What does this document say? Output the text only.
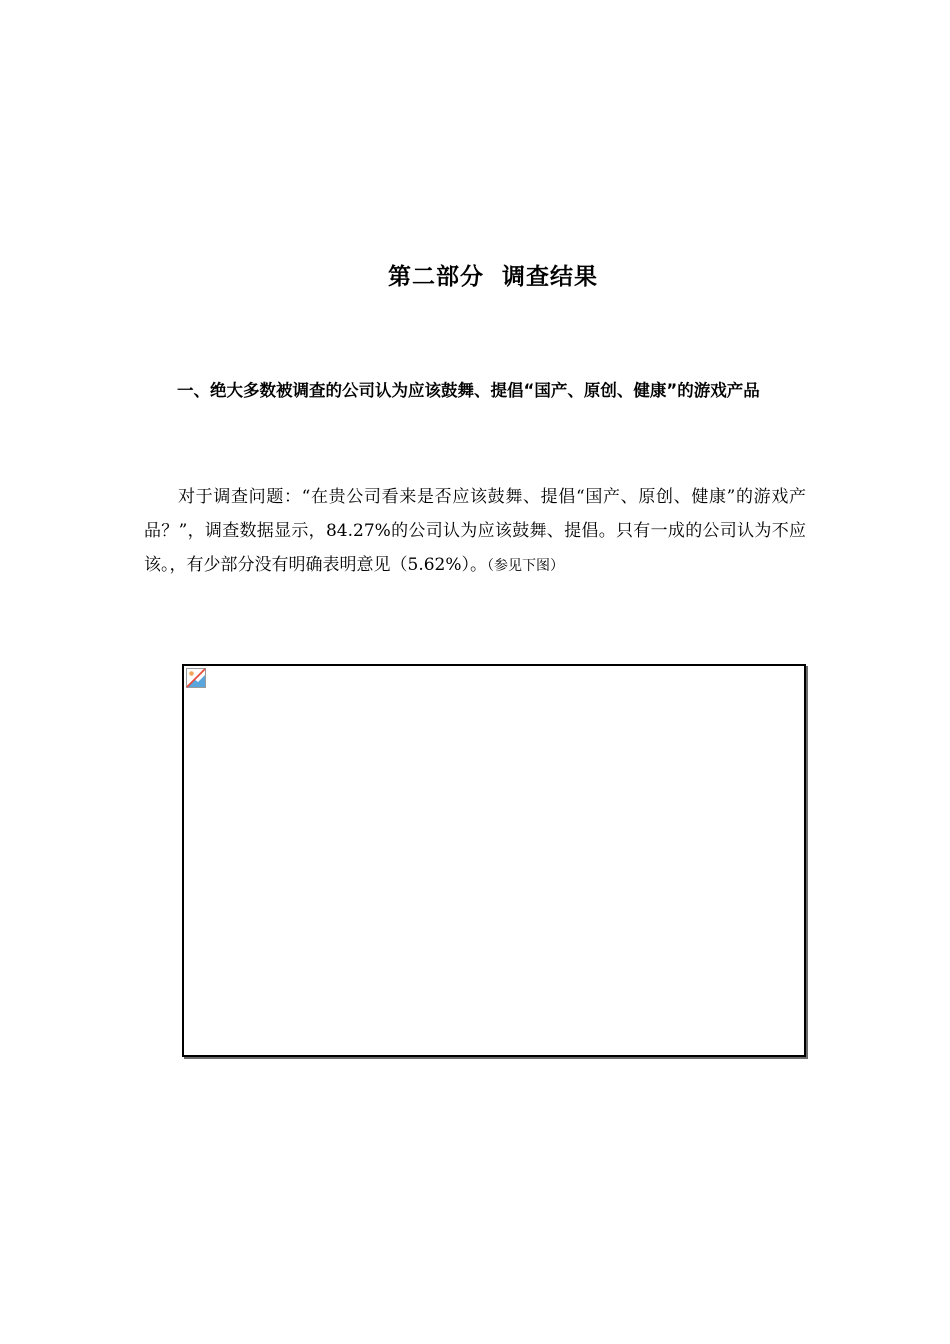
第二部分  调查结果

一、绝大多数被调查的公司认为应该鼓舞、提倡“国产、原创、健康”的游戏产品

对于调查问题：“在贵公司看来是否应该鼓舞、提倡“国产、原创、健康”的游戏产品？”，调查数据显示，84.27%的公司认为应该鼓舞、提倡。只有一成的公司认为不应该。，有少部分没有明确表明意见（5.62%）。（参见下图）
